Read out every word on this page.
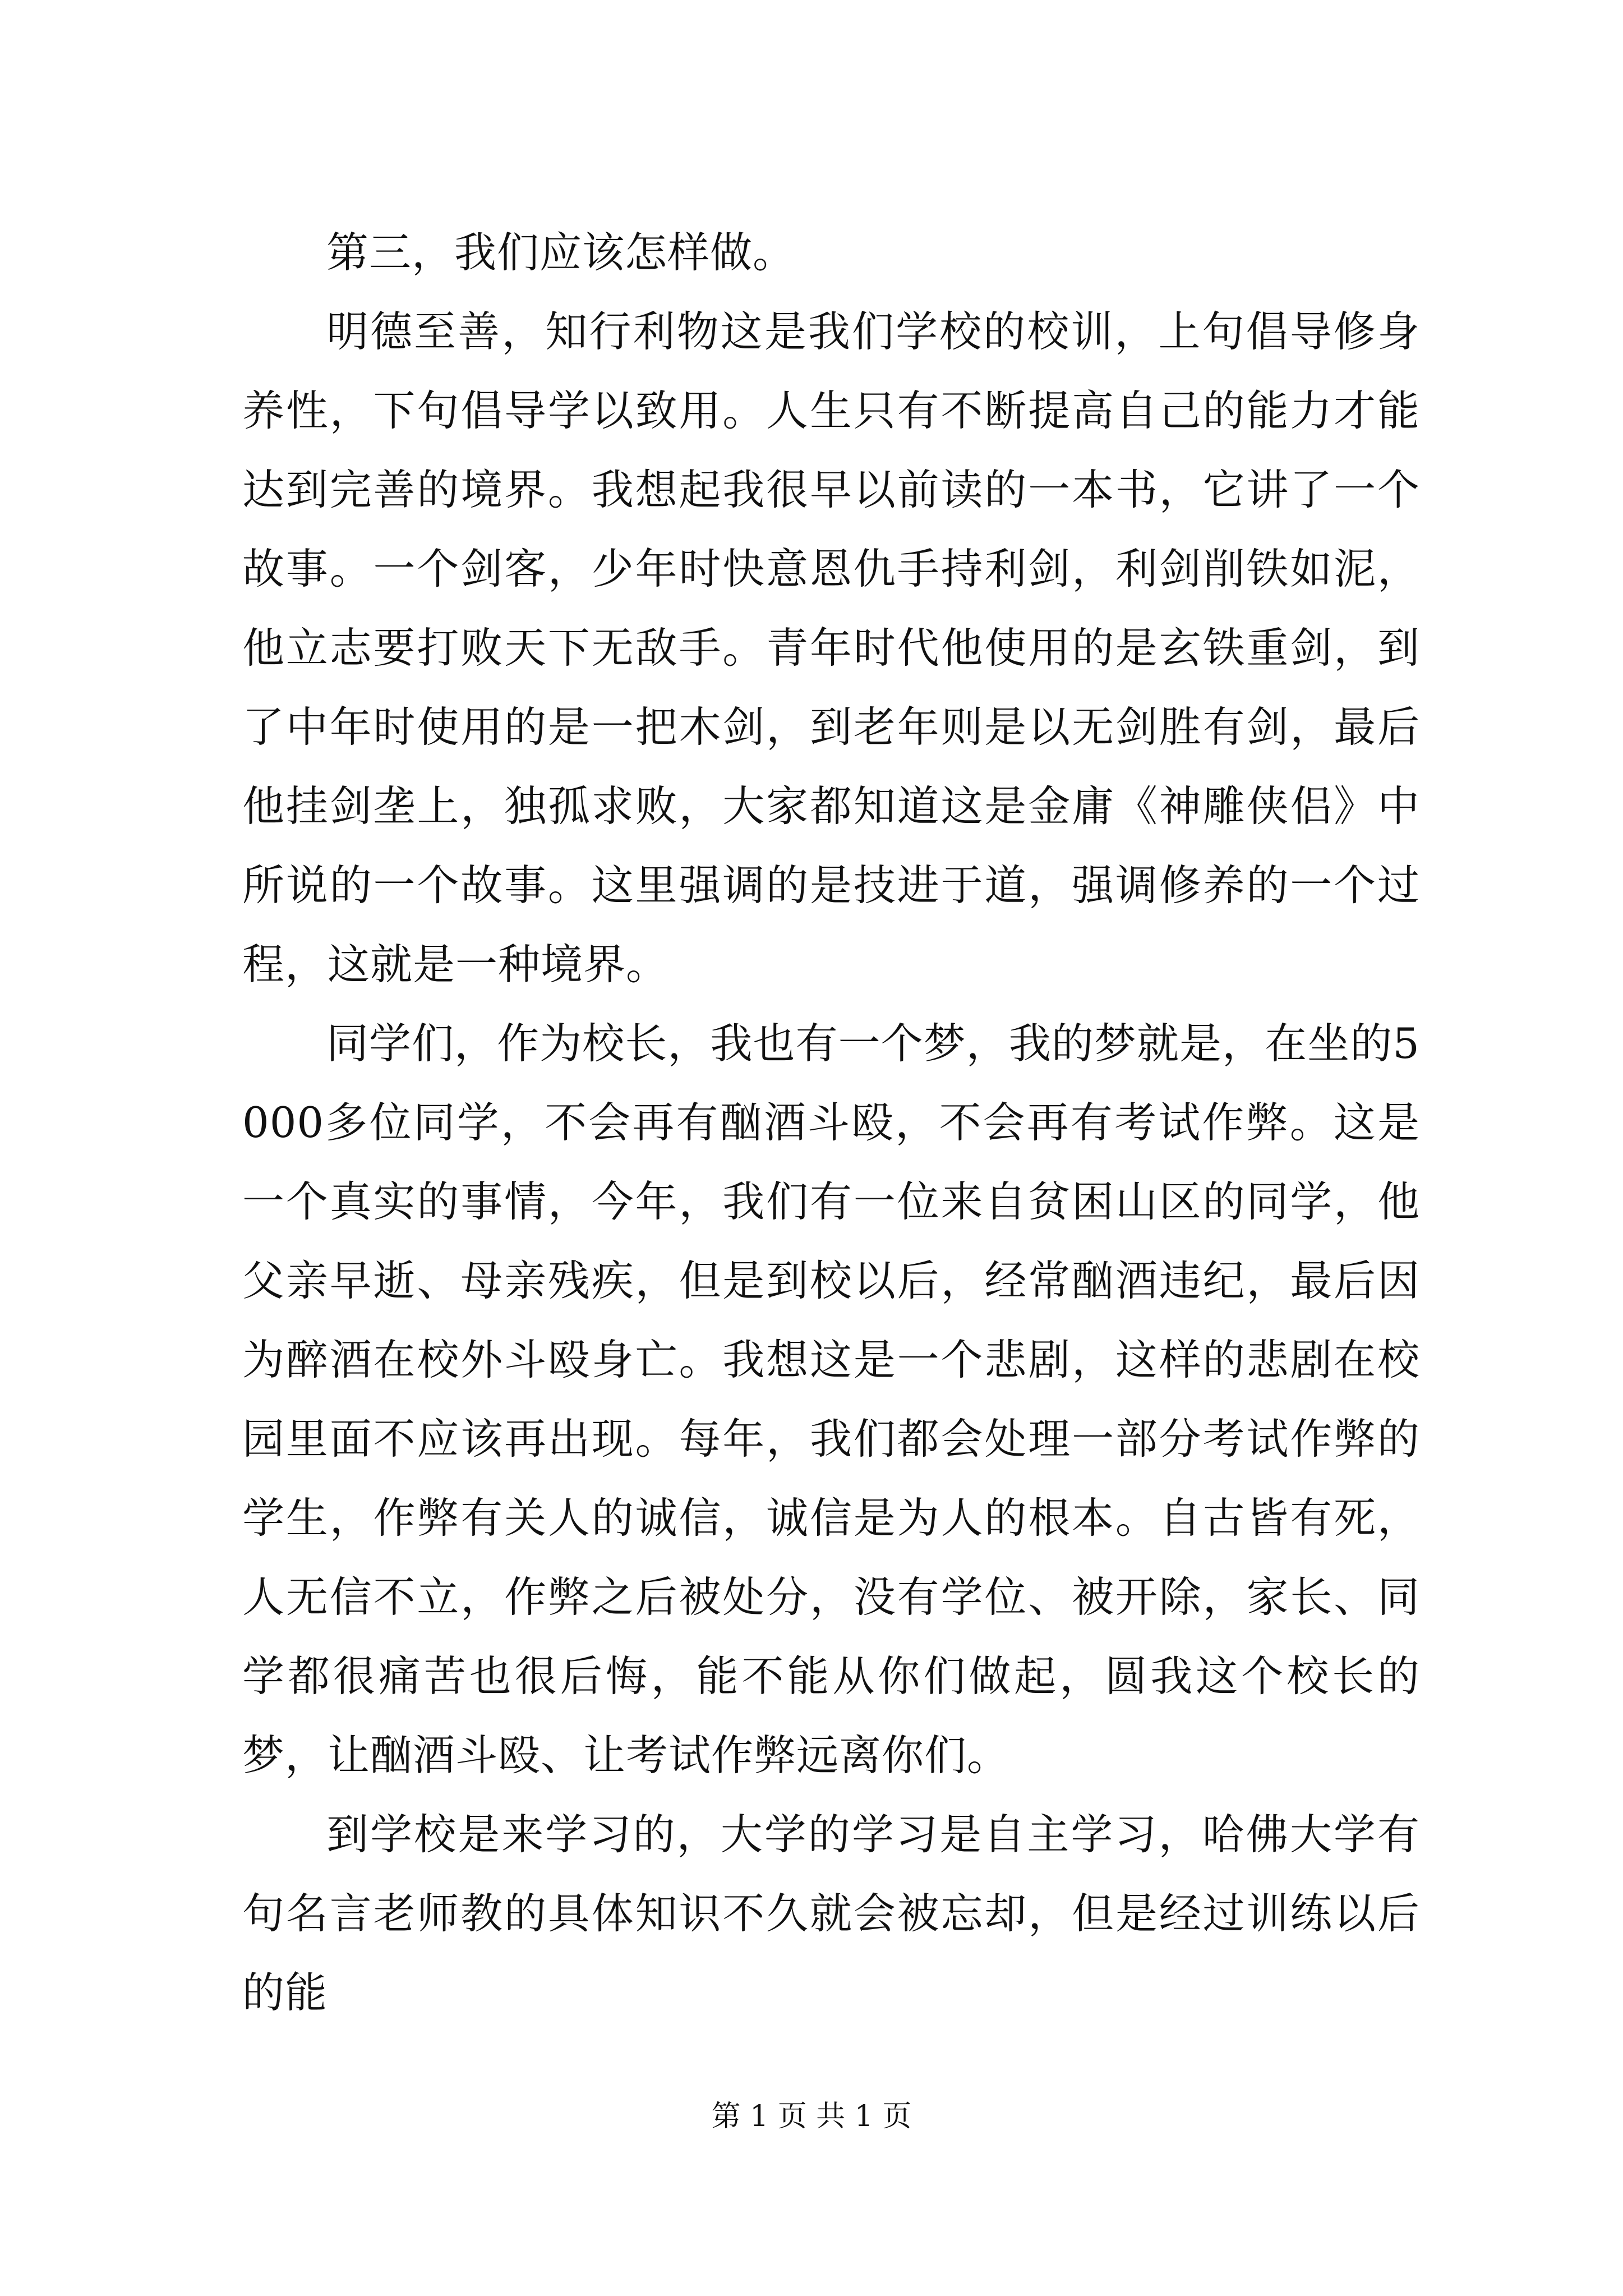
第三，我们应该怎样做。

明德至善，知行利物这是我们学校的校训，上句倡导修身养性，下句倡导学以致用。人生只有不断提高自己的能力才能达到完善的境界。我想起我很早以前读的一本书，它讲了一个故事。一个剑客，少年时快意恩仇手持利剑，利剑削铁如泥，他立志要打败天下无敌手。青年时代他使用的是玄铁重剑，到了中年时使用的是一把木剑，到老年则是以无剑胜有剑，最后他挂剑垄上，独孤求败，大家都知道这是金庸《神雕侠侣》中所说的一个故事。这里强调的是技进于道，强调修养的一个过程，这就是一种境界。

同学们，作为校长，我也有一个梦，我的梦就是，在坐的5000多位同学，不会再有酗酒斗殴，不会再有考试作弊。这是一个真实的事情，今年，我们有一位来自贫困山区的同学，他父亲早逝、母亲残疾，但是到校以后，经常酗酒违纪，最后因为醉酒在校外斗殴身亡。我想这是一个悲剧，这样的悲剧在校园里面不应该再出现。每年，我们都会处理一部分考试作弊的学生，作弊有关人的诚信，诚信是为人的根本。自古皆有死，人无信不立，作弊之后被处分，没有学位、被开除，家长、同学都很痛苦也很后悔，能不能从你们做起，圆我这个校长的梦，让酗酒斗殴、让考试作弊远离你们。

到学校是来学习的，大学的学习是自主学习，哈佛大学有句名言老师教的具体知识不久就会被忘却，但是经过训练以后的能

第 1 页 共 1 页
